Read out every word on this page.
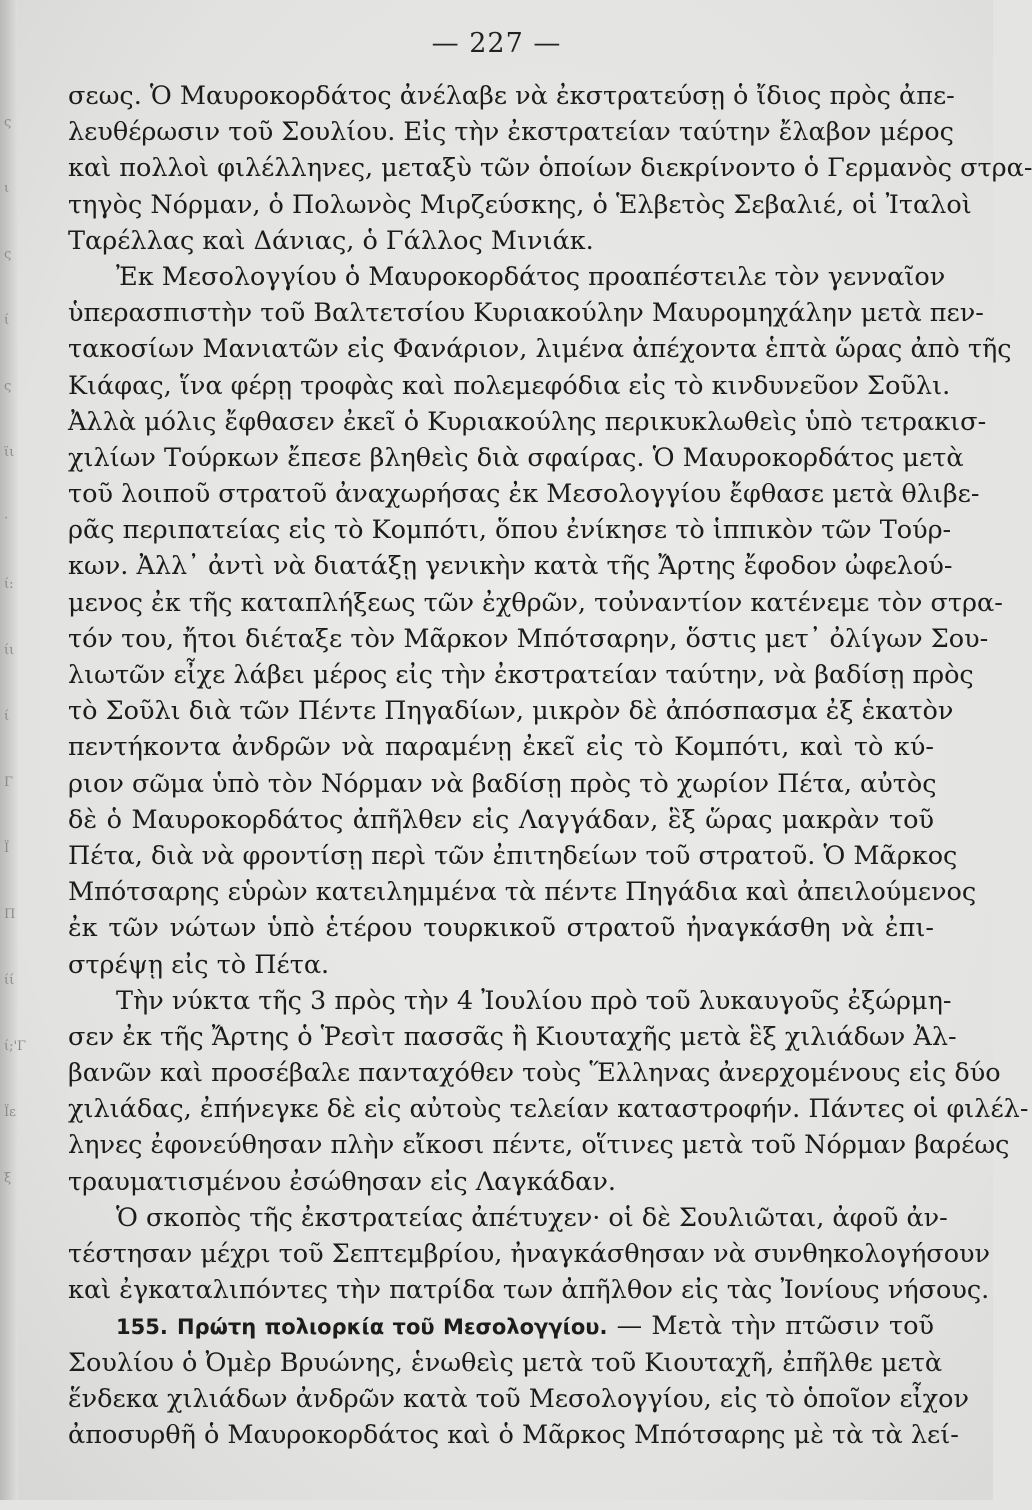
ςιςίςϊι·ί:ίιίΓΪΠίίί;'ΓΪεξ
— 227 —
σεως. Ὁ Μαυροκορδάτος ἀνέλαβε νὰ ἐκστρατεύσῃ ὁ ἴδιος πρὸς ἀπε-
λευθέρωσιν τοῦ Σουλίου. Εἰς τὴν ἐκστρατείαν ταύτην ἔλαβον μέρος
καὶ πολλοὶ φιλέλληνες, μεταξὺ τῶν ὁποίων διεκρίνοντο ὁ Γερμανὸς στρα-
τηγὸς Νόρμαν, ὁ Πολωνὸς Μιρζεύσκης, ὁ Ἑλβετὸς Σεβαλιέ, οἱ Ἰταλοὶ
Ταρέλλας καὶ Δάνιας, ὁ Γάλλος Μινιάκ.
Ἐκ Μεσολογγίου ὁ Μαυροκορδάτος προαπέστειλε τὸν γενναῖον
ὑπερασπιστὴν τοῦ Βαλτετσίου Κυριακούλην Μαυρομηχάλην μετὰ πεν-
τακοσίων Μανιατῶν εἰς Φανάριον, λιμένα ἀπέχοντα ἑπτὰ ὥρας ἀπὸ τῆς
Κιάφας, ἵνα φέρῃ τροφὰς καὶ πολεμεφόδια εἰς τὸ κινδυνεῦον Σοῦλι.
Ἀλλὰ μόλις ἔφθασεν ἐκεῖ ὁ Κυριακούλης περικυκλωθεὶς ὑπὸ τετρακισ-
χιλίων Τούρκων ἔπεσε βληθεὶς διὰ σφαίρας. Ὁ Μαυροκορδάτος μετὰ
τοῦ λοιποῦ στρατοῦ ἀναχωρήσας ἐκ Μεσολογγίου ἔφθασε μετὰ θλιβε-
ρᾶς περιπατείας εἰς τὸ Κομπότι, ὅπου ἐνίκησε τὸ ἱππικὸν τῶν Τούρ-
κων. Ἀλλ᾽ ἀντὶ νὰ διατάξῃ γενικὴν κατὰ τῆς Ἄρτης ἔφοδον ὠφελού-
μενος ἐκ τῆς καταπλήξεως τῶν ἐχθρῶν, τοὐναντίον κατένεμε τὸν στρα-
τόν του, ἤτοι διέταξε τὸν Μᾶρκον Μπότσαρην, ὅστις μετ᾽ ὀλίγων Σου-
λιωτῶν εἶχε λάβει μέρος εἰς τὴν ἐκστρατείαν ταύτην, νὰ βαδίσῃ πρὸς
τὸ Σοῦλι διὰ τῶν Πέντε Πηγαδίων, μικρὸν δὲ ἀπόσπασμα ἐξ ἑκατὸν
πεντήκοντα ἀνδρῶν νὰ παραμένῃ ἐκεῖ εἰς τὸ Κομπότι, καὶ τὸ κύ-
ριον σῶμα ὑπὸ τὸν Νόρμαν νὰ βαδίσῃ πρὸς τὸ χωρίον Πέτα, αὐτὸς
δὲ ὁ Μαυροκορδάτος ἀπῆλθεν εἰς Λαγγάδαν, ἓξ ὥρας μακρὰν τοῦ
Πέτα, διὰ νὰ φροντίσῃ περὶ τῶν ἐπιτηδείων τοῦ στρατοῦ. Ὁ Μᾶρκος
Μπότσαρης εὑρὼν κατειλημμένα τὰ πέντε Πηγάδια καὶ ἀπειλούμενος
ἐκ τῶν νώτων ὑπὸ ἑτέρου τουρκικοῦ στρατοῦ ἠναγκάσθη νὰ ἐπι-
στρέψῃ εἰς τὸ Πέτα.
Τὴν νύκτα τῆς 3 πρὸς τὴν 4 Ἰουλίου πρὸ τοῦ λυκαυγοῦς ἐξώρμη-
σεν ἐκ τῆς Ἄρτης ὁ Ῥεσὶτ πασσᾶς ἢ Κιουταχῆς μετὰ ἓξ χιλιάδων Ἀλ-
βανῶν καὶ προσέβαλε πανταχόθεν τοὺς Ἕλληνας ἀνερχομένους εἰς δύο
χιλιάδας, ἐπήνεγκε δὲ εἰς αὐτοὺς τελείαν καταστροφήν. Πάντες οἱ φιλέλ-
ληνες ἐφονεύθησαν πλὴν εἴκοσι πέντε, οἵτινες μετὰ τοῦ Νόρμαν βαρέως
τραυματισμένου ἐσώθησαν εἰς Λαγκάδαν.
Ὁ σκοπὸς τῆς ἐκστρατείας ἀπέτυχεν· οἱ δὲ Σουλιῶται, ἀφοῦ ἀν-
τέστησαν μέχρι τοῦ Σεπτεμβρίου, ἠναγκάσθησαν νὰ συνθηκολογήσουν
καὶ ἐγκαταλιπόντες τὴν πατρίδα των ἀπῆλθον εἰς τὰς Ἰονίους νήσους.
155. Πρώτη πολιορκία τοῦ Μεσολογγίου. — Μετὰ τὴν πτῶσιν τοῦ
Σουλίου ὁ Ὀμὲρ Βρυώνης, ἑνωθεὶς μετὰ τοῦ Κιουταχῆ, ἐπῆλθε μετὰ
ἕνδεκα χιλιάδων ἀνδρῶν κατὰ τοῦ Μεσολογγίου, εἰς τὸ ὁποῖον εἶχον
ἀποσυρθῆ ὁ Μαυροκορδάτος καὶ ὁ Μᾶρκος Μπότσαρης μὲ τὰ τὰ λεί-
